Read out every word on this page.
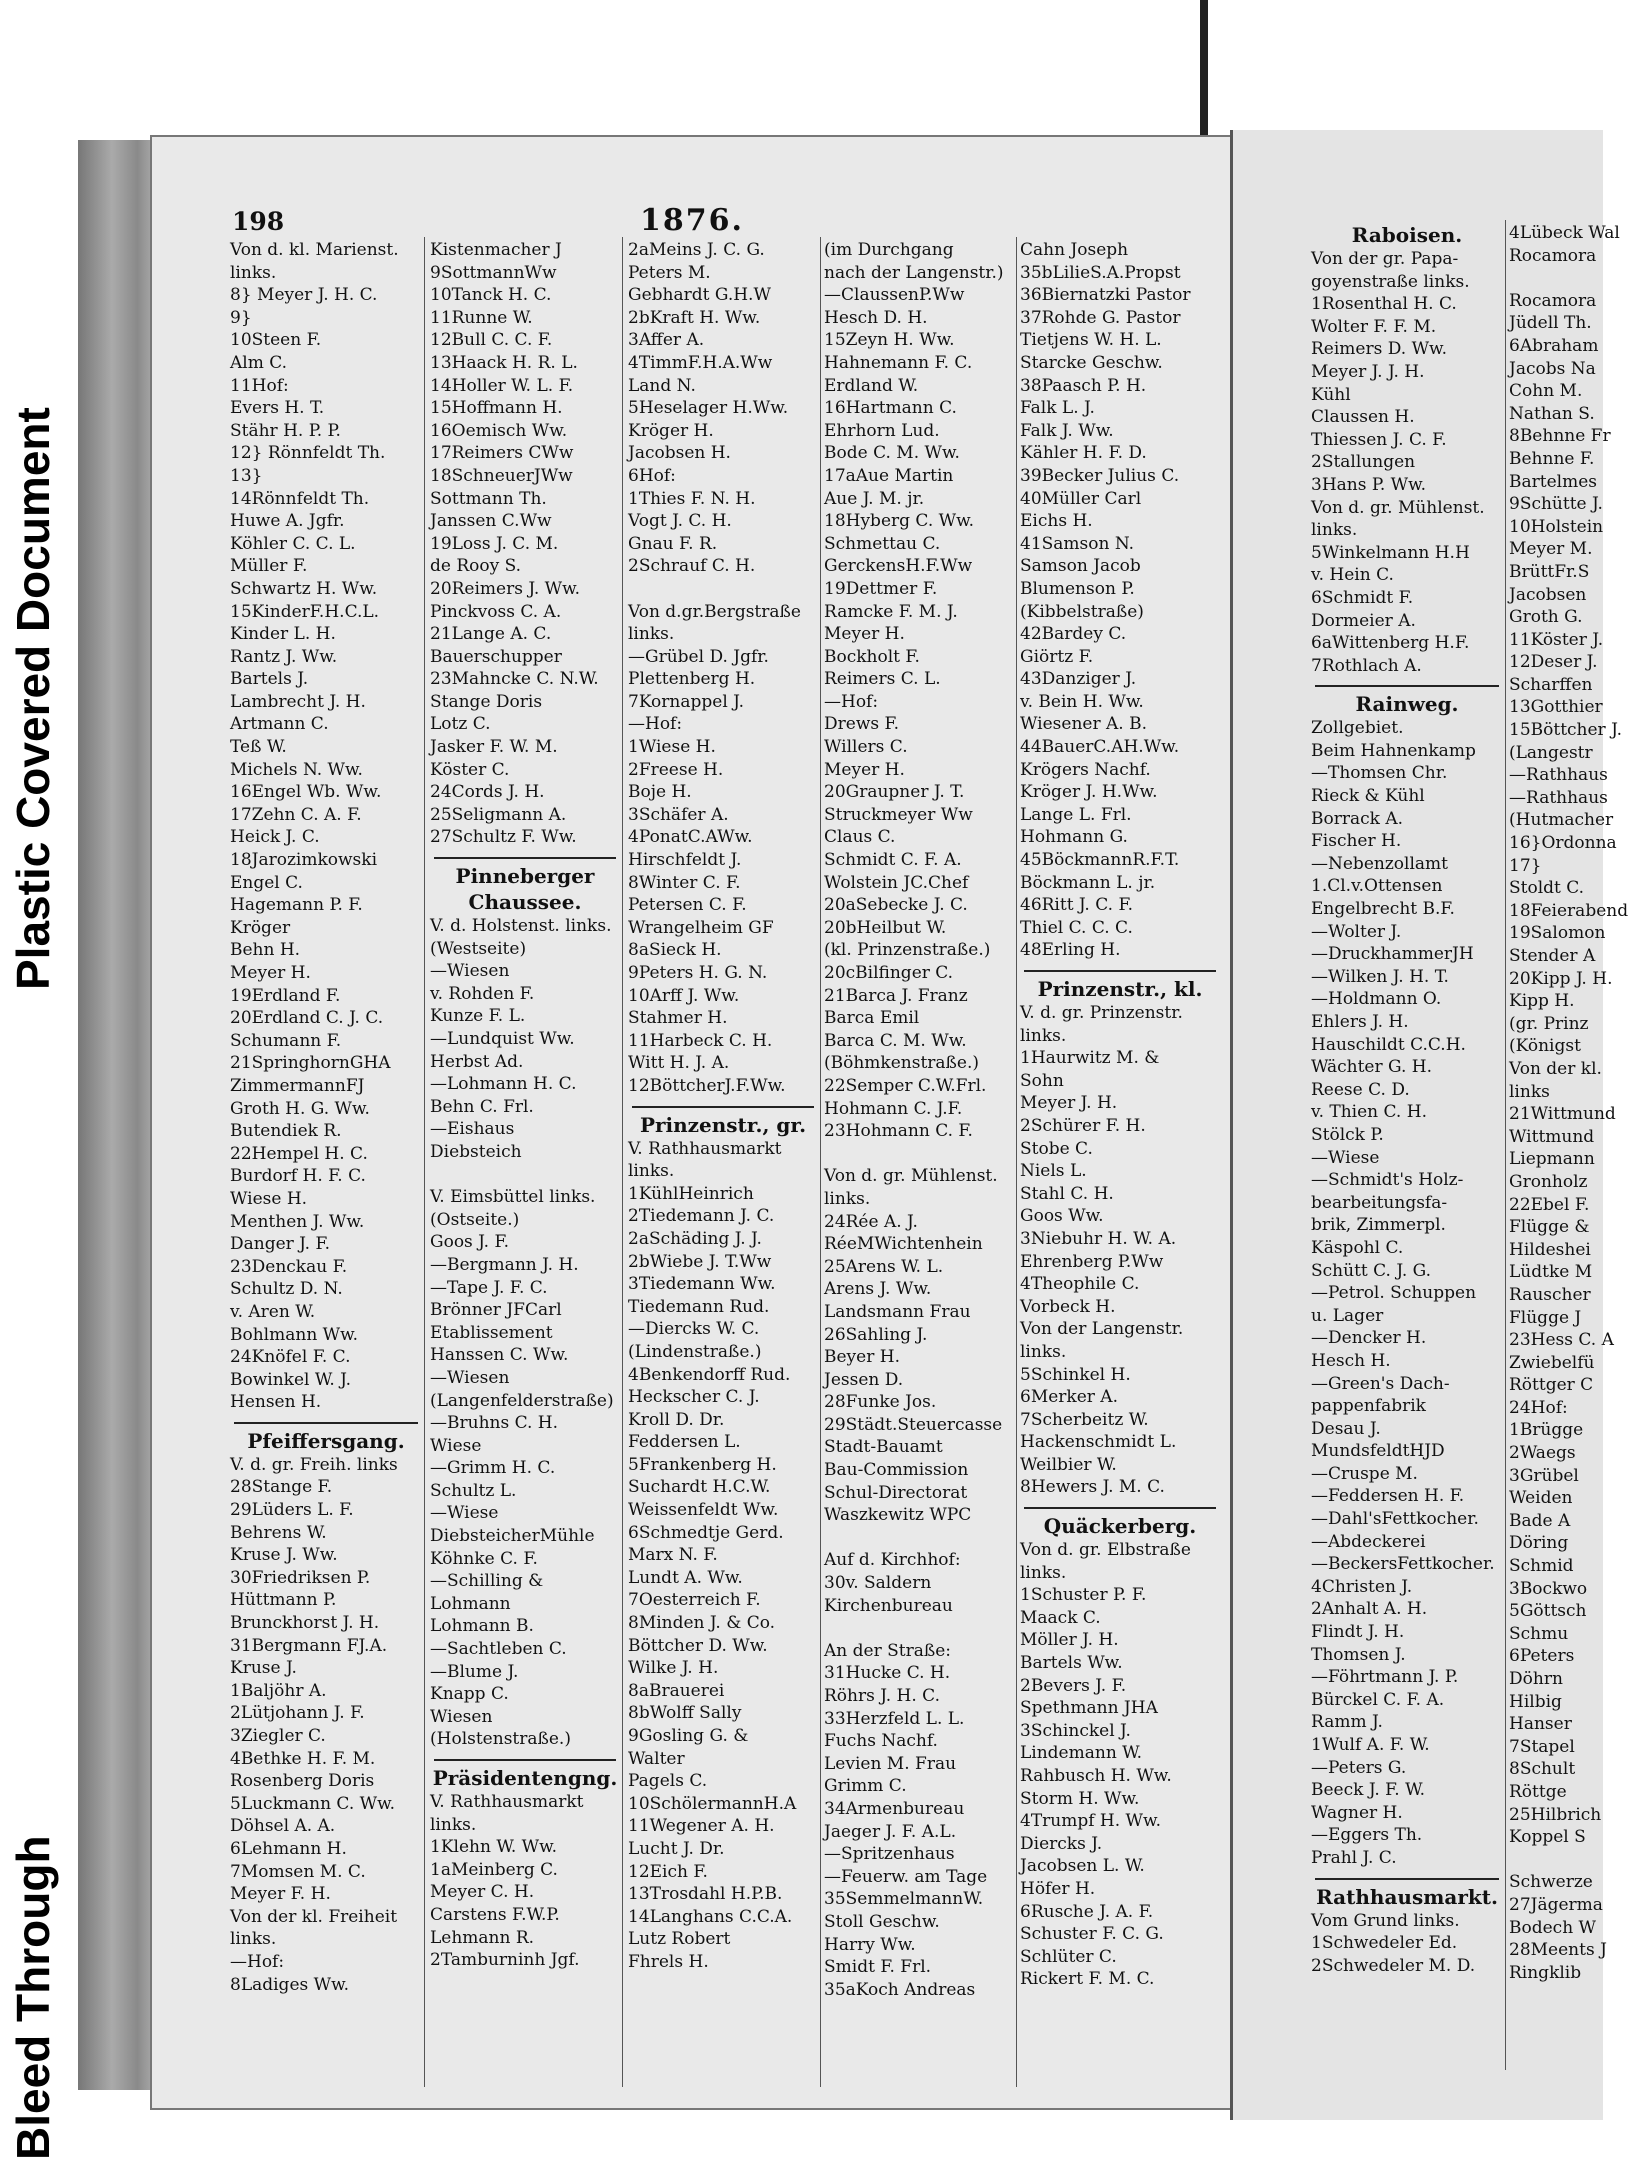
Plastic Covered Document
Bleed Through
198	1876.
Von d. kl. Marienst.
links.
8} Meyer J. H. C.
9}
10Steen F.
Alm C.
11Hof:
Evers H. T.
Stähr H. P. P.
12} Rönnfeldt Th.
13}
14Rönnfeldt Th.
Huwe A. Jgfr.
Köhler C. C. L.
Müller F.
Schwartz H. Ww.
15KinderF.H.C.L.
Kinder L. H.
Rantz J. Ww.
Bartels J.
Lambrecht J. H.
Artmann C.
Teß W.
Michels N. Ww.
16Engel Wb. Ww.
17Zehn C. A. F.
Heick J. C.
18Jarozimkowski
Engel C.
Hagemann P. F.
Kröger
Behn H.
Meyer H.
19Erdland F.
20Erdland C. J. C.
Schumann F.
21SpringhornGHA
ZimmermannFJ
Groth H. G. Ww.
Butendiek R.
22Hempel H. C.
Burdorf H. F. C.
Wiese H.
Menthen J. Ww.
Danger J. F.
23Denckau F.
Schultz D. N.
v. Aren W.
Bohlmann Ww.
24Knöfel F. C.
Bowinkel W. J.
Hensen H.
Pfeiffersgang.
V. d. gr. Freih. links
28Stange F.
29Lüders L. F.
Behrens W.
Kruse J. Ww.
30Friedriksen P.
Hüttmann P.
Brunckhorst J. H.
31Bergmann FJ.A.
Kruse J.
1Baljöhr A.
2Lütjohann J. F.
3Ziegler C.
4Bethke H. F. M.
Rosenberg Doris
5Luckmann C. Ww.
Döhsel A. A.
6Lehmann H.
7Momsen M. C.
Meyer F. H.
Von der kl. Freiheit
links.
—Hof:
8Ladiges Ww.
Kistenmacher J
9SottmannWw
10Tanck H. C.
11Runne W.
12Bull C. C. F.
13Haack H. R. L.
14Holler W. L. F.
15Hoffmann H.
16Oemisch Ww.
17Reimers CWw
18SchneuerJWw
Sottmann Th.
Janssen C.Ww
19Loss J. C. M.
de Rooy S.
20Reimers J. Ww.
Pinckvoss C. A.
21Lange A. C.
Bauerschupper
23Mahncke C. N.W.
Stange Doris
Lotz C.
Jasker F. W. M.
Köster C.
24Cords J. H.
25Seligmann A.
27Schultz F. Ww.
Pinneberger
Chaussee.
V. d. Holstenst. links.
(Westseite)
—Wiesen
v. Rohden F.
Kunze F. L.
—Lundquist Ww.
Herbst Ad.
—Lohmann H. C.
Behn C. Frl.
—Eishaus
Diebsteich
V. Eimsbüttel links.
(Ostseite.)
Goos J. F.
—Bergmann J. H.
—Tape J. F. C.
Brönner JFCarl
Etablissement
Hanssen C. Ww.
—Wiesen
(Langenfelderstraße)
—Bruhns C. H.
Wiese
—Grimm H. C.
Schultz L.
—Wiese
DiebsteicherMühle
Köhnke C. F.
—Schilling &
Lohmann
Lohmann B.
—Sachtleben C.
—Blume J.
Knapp C.
Wiesen
(Holstenstraße.)
Präsidentengng.
V. Rathhausmarkt
links.
1Klehn W. Ww.
1aMeinberg C.
Meyer C. H.
Carstens F.W.P.
Lehmann R.
2Tamburninh Jgf.
2aMeins J. C. G.
Peters M.
Gebhardt G.H.W
2bKraft H. Ww.
3Affer A.
4TimmF.H.A.Ww
Land N.
5Heselager H.Ww.
Kröger H.
Jacobsen H.
6Hof:
1Thies F. N. H.
Vogt J. C. H.
Gnau F. R.
2Schrauf C. H.
Von d.gr.Bergstraße
links.
—Grübel D. Jgfr.
Plettenberg H.
7Kornappel J.
—Hof:
1Wiese H.
2Freese H.
Boje H.
3Schäfer A.
4PonatC.AWw.
Hirschfeldt J.
8Winter C. F.
Petersen C. F.
Wrangelheim GF
8aSieck H.
9Peters H. G. N.
10Arff J. Ww.
Stahmer H.
11Harbeck C. H.
Witt H. J. A.
12BöttcherJ.F.Ww.
Prinzenstr., gr.
V. Rathhausmarkt
links.
1KühlHeinrich
2Tiedemann J. C.
2aSchäding J. J.
2bWiebe J. T.Ww
3Tiedemann Ww.
Tiedemann Rud.
—Diercks W. C.
(Lindenstraße.)
4Benkendorff Rud.
Heckscher C. J.
Kroll D. Dr.
Feddersen L.
5Frankenberg H.
Suchardt H.C.W.
Weissenfeldt Ww.
6Schmedtje Gerd.
Marx N. F.
Lundt A. Ww.
7Oesterreich F.
8Minden J. & Co.
Böttcher D. Ww.
Wilke J. H.
8aBrauerei
8bWolff Sally
9Gosling G. &
Walter
Pagels C.
10SchölermannH.A
11Wegener A. H.
Lucht J. Dr.
12Eich F.
13Trosdahl H.P.B.
14Langhans C.C.A.
Lutz Robert
Fhrels H.
(im Durchgang
nach der Langenstr.)
—ClaussenP.Ww
Hesch D. H.
15Zeyn H. Ww.
Hahnemann F. C.
Erdland W.
16Hartmann C.
Ehrhorn Lud.
Bode C. M. Ww.
17aAue Martin
Aue J. M. jr.
18Hyberg C. Ww.
Schmettau C.
GerckensH.F.Ww
19Dettmer F.
Ramcke F. M. J.
Meyer H.
Bockholt F.
Reimers C. L.
—Hof:
Drews F.
Willers C.
Meyer H.
20Graupner J. T.
Struckmeyer Ww
Claus C.
Schmidt C. F. A.
Wolstein JC.Chef
20aSebecke J. C.
20bHeilbut W.
(kl. Prinzenstraße.)
20cBilfinger C.
21Barca J. Franz
Barca Emil
Barca C. M. Ww.
(Böhmkenstraße.)
22Semper C.W.Frl.
Hohmann C. J.F.
23Hohmann C. F.
Von d. gr. Mühlenst.
links.
24Rée A. J.
RéeMWichtenhein
25Arens W. L.
Arens J. Ww.
Landsmann Frau
26Sahling J.
Beyer H.
Jessen D.
28Funke Jos.
29Städt.Steuercasse
Stadt-Bauamt
Bau-Commission
Schul-Directorat
Waszkewitz WPC
Auf d. Kirchhof:
30v. Saldern
Kirchenbureau
An der Straße:
31Hucke C. H.
Röhrs J. H. C.
33Herzfeld L. L.
Fuchs Nachf.
Levien M. Frau
Grimm C.
34Armenbureau
Jaeger J. F. A.L.
—Spritzenhaus
—Feuerw. am Tage
35SemmelmannW.
Stoll Geschw.
Harry Ww.
Smidt F. Frl.
35aKoch Andreas
Cahn Joseph
35bLilieS.A.Propst
36Biernatzki Pastor
37Rohde G. Pastor
Tietjens W. H. L.
Starcke Geschw.
38Paasch P. H.
Falk L. J.
Falk J. Ww.
Kähler H. F. D.
39Becker Julius C.
40Müller Carl
Eichs H.
41Samson N.
Samson Jacob
Blumenson P.
(Kibbelstraße)
42Bardey C.
Giörtz F.
43Danziger J.
v. Bein H. Ww.
Wiesener A. B.
44BauerC.AH.Ww.
Krögers Nachf.
Kröger J. H.Ww.
Lange L. Frl.
Hohmann G.
45BöckmannR.F.T.
Böckmann L. jr.
46Ritt J. C. F.
Thiel C. C. C.
48Erling H.
Prinzenstr., kl.
V. d. gr. Prinzenstr.
links.
1Haurwitz M. &
Sohn
Meyer J. H.
2Schürer F. H.
Stobe C.
Niels L.
Stahl C. H.
Goos Ww.
3Niebuhr H. W. A.
Ehrenberg P.Ww
4Theophile C.
Vorbeck H.
Von der Langenstr.
links.
5Schinkel H.
6Merker A.
7Scherbeitz W.
Hackenschmidt L.
Weilbier W.
8Hewers J. M. C.
Quäckerberg.
Von d. gr. Elbstraße
links.
1Schuster P. F.
Maack C.
Möller J. H.
Bartels Ww.
2Bevers J. F.
Spethmann JHA
3Schinckel J.
Lindemann W.
Rahbusch H. Ww.
Storm H. Ww.
4Trumpf H. Ww.
Diercks J.
Jacobsen L. W.
Höfer H.
6Rusche J. A. F.
Schuster F. C. G.
Schlüter C.
Rickert F. M. C.
Raboisen.
Von der gr. Papa-
goyenstraße links.
1Rosenthal H. C.
Wolter F. F. M.
Reimers D. Ww.
Meyer J. J. H.
Kühl
Claussen H.
Thiessen J. C. F.
2Stallungen
3Hans P. Ww.
Von d. gr. Mühlenst.
links.
5Winkelmann H.H
v. Hein C.
6Schmidt F.
Dormeier A.
6aWittenberg H.F.
7Rothlach A.
Rainweg.
Zollgebiet.
Beim Hahnenkamp
—Thomsen Chr.
Rieck & Kühl
Borrack A.
Fischer H.
—Nebenzollamt
1.Cl.v.Ottensen
Engelbrecht B.F.
—Wolter J.
—DruckhammerJH
—Wilken J. H. T.
—Holdmann O.
Ehlers J. H.
Hauschildt C.C.H.
Wächter G. H.
Reese C. D.
v. Thien C. H.
Stölck P.
—Wiese
—Schmidt's Holz-
bearbeitungsfa-
brik, Zimmerpl.
Käspohl C.
Schütt C. J. G.
—Petrol. Schuppen
u. Lager
—Dencker H.
Hesch H.
—Green's Dach-
pappenfabrik
Desau J.
MundsfeldtHJD
—Cruspe M.
—Feddersen H. F.
—Dahl'sFettkocher.
—Abdeckerei
—BeckersFettkocher.
4Christen J.
2Anhalt A. H.
Flindt J. H.
Thomsen J.
—Föhrtmann J. P.
Bürckel C. F. A.
Ramm J.
1Wulf A. F. W.
—Peters G.
Beeck J. F. W.
Wagner H.
—Eggers Th.
Prahl J. C.
Rathhausmarkt.
Vom Grund links.
1Schwedeler Ed.
2Schwedeler M. D.
4Lübeck Wal
Rocamora
Rocamora
Jüdell Th.
6Abraham
Jacobs Na
Cohn M.
Nathan S.
8Behnne Fr
Behnne F.
Bartelmes
9Schütte J.
10Holstein
Meyer M.
BrüttFr.S
Jacobsen
Groth G.
11Köster J.
12Deser J.
Scharffen
13Gotthier
15Böttcher J.
(Langestr
—Rathhaus
—Rathhaus
(Hutmacher
16}Ordonna
17}
Stoldt C.
18Feierabend
19Salomon
Stender A
20Kipp J. H.
Kipp H.
(gr. Prinz
(Königst
Von der kl.
links
21Wittmund
Wittmund
Liepmann
Gronholz
22Ebel F.
Flügge &
Hildeshei
Lüdtke M
Rauscher
Flügge J
23Hess C. A
Zwiebelfü
Röttger C
24Hof:
1Brügge
2Waegs
3Grübel
Weiden
Bade A
Döring
Schmid
3Bockwo
5Göttsch
Schmu
6Peters
Döhrn
Hilbig
Hanser
7Stapel
8Schult
Röttge
25Hilbrich
Koppel S
Schwerze
27Jägerma
Bodech W
28Meents J
Ringklib
